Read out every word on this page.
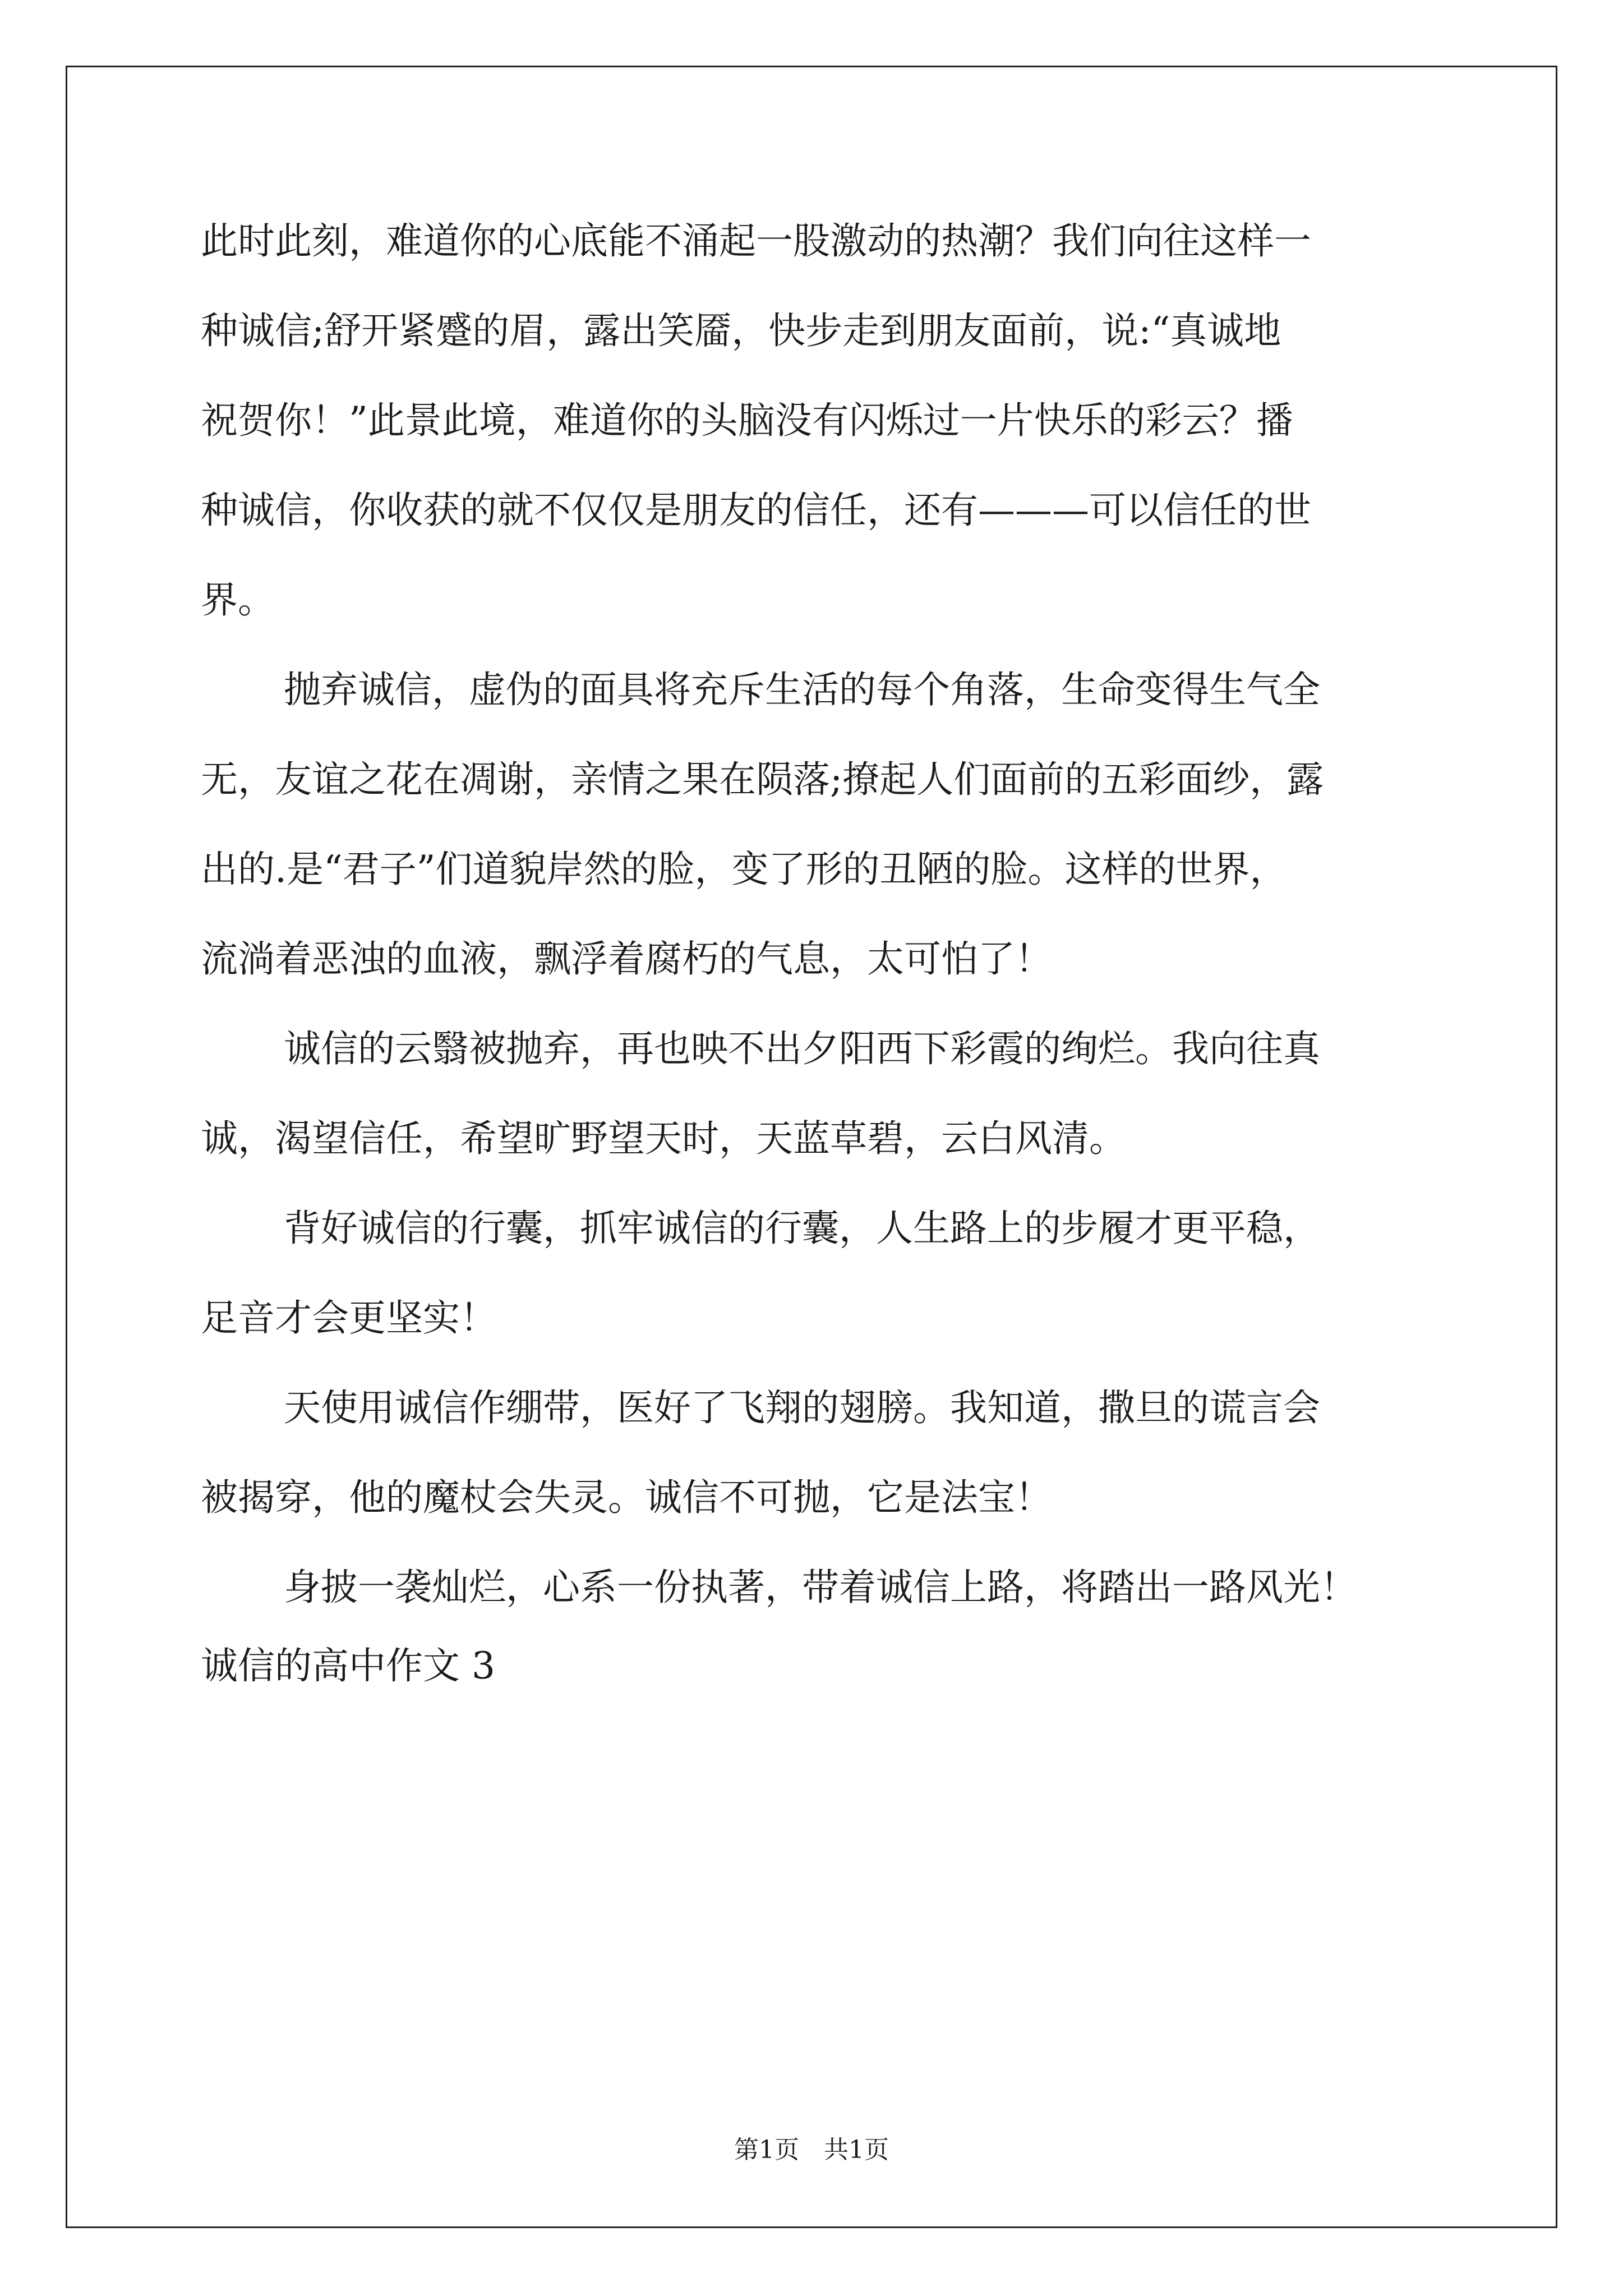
此时此刻，难道你的心底能不涌起一股激动的热潮？我们向往这样一
种诚信;舒开紧蹙的眉，露出笑靥，快步走到朋友面前，说:“真诚地
祝贺你！”此景此境，难道你的头脑没有闪烁过一片快乐的彩云？播
种诚信，你收获的就不仅仅是朋友的信任，还有———可以信任的世
界。
抛弃诚信，虚伪的面具将充斥生活的每个角落，生命变得生气全
无，友谊之花在凋谢，亲情之果在陨落;撩起人们面前的五彩面纱，露
出的.是“君子”们道貌岸然的脸，变了形的丑陋的脸。这样的世界，
流淌着恶浊的血液，飘浮着腐朽的气息，太可怕了！
诚信的云翳被抛弃，再也映不出夕阳西下彩霞的绚烂。我向往真
诚，渴望信任，希望旷野望天时，天蓝草碧，云白风清。
背好诚信的行囊，抓牢诚信的行囊，人生路上的步履才更平稳，
足音才会更坚实！
天使用诚信作绷带，医好了飞翔的翅膀。我知道，撒旦的谎言会
被揭穿，他的魔杖会失灵。诚信不可抛，它是法宝！
身披一袭灿烂，心系一份执著，带着诚信上路，将踏出一路风光！
诚信的高中作文 3
第1页　共1页
